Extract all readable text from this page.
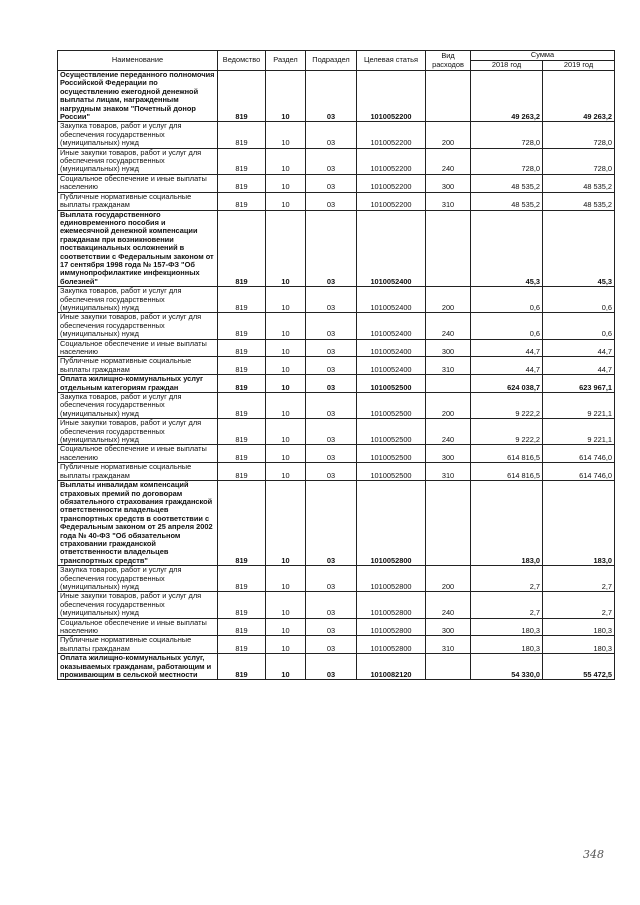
Наименование	Ведомство	Раздел	Подраздел	Целевая статья	Вид расходов	Сумма	
						2018 год	2019 год
Осуществление переданного полномочия Российской Федерации по осуществлению ежегодной денежной выплаты лицам, награжденным нагрудным знаком "Почетный донор России"	819	10	03	1010052200		49 263,2	49 263,2
Закупка товаров, работ и услуг для обеспечения государственных (муниципальных) нужд	819	10	03	1010052200	200	728,0	728,0
Иные закупки товаров, работ и услуг для обеспечения государственных (муниципальных) нужд	819	10	03	1010052200	240	728,0	728,0
Социальное обеспечение и иные выплаты населению	819	10	03	1010052200	300	48 535,2	48 535,2
Публичные нормативные социальные выплаты гражданам	819	10	03	1010052200	310	48 535,2	48 535,2
Выплата государственного единовременного пособия и ежемесячной денежной компенсации гражданам при возникновении поствакцинальных осложнений в соответствии с Федеральным законом от 17 сентября 1998 года № 157-ФЗ "Об иммунопрофилактике инфекционных болезней"	819	10	03	1010052400		45,3	45,3
Закупка товаров, работ и услуг для обеспечения государственных (муниципальных) нужд	819	10	03	1010052400	200	0,6	0,6
Иные закупки товаров, работ и услуг для обеспечения государственных (муниципальных) нужд	819	10	03	1010052400	240	0,6	0,6
Социальное обеспечение и иные выплаты населению	819	10	03	1010052400	300	44,7	44,7
Публичные нормативные социальные выплаты гражданам	819	10	03	1010052400	310	44,7	44,7
Оплата жилищно-коммунальных услуг отдельным категориям граждан	819	10	03	1010052500		624 038,7	623 967,1
Закупка товаров, работ и услуг для обеспечения государственных (муниципальных) нужд	819	10	03	1010052500	200	9 222,2	9 221,1
Иные закупки товаров, работ и услуг для обеспечения государственных (муниципальных) нужд	819	10	03	1010052500	240	9 222,2	9 221,1
Социальное обеспечение и иные выплаты населению	819	10	03	1010052500	300	614 816,5	614 746,0
Публичные нормативные социальные выплаты гражданам	819	10	03	1010052500	310	614 816,5	614 746,0
Выплаты инвалидам компенсаций страховых премий по договорам обязательного страхования гражданской ответственности владельцев транспортных средств в соответствии с Федеральным законом от 25 апреля 2002 года № 40-ФЗ "Об обязательном страховании гражданской ответственности владельцев транспортных средств"	819	10	03	1010052800		183,0	183,0
Закупка товаров, работ и услуг для обеспечения государственных (муниципальных) нужд	819	10	03	1010052800	200	2,7	2,7
Иные закупки товаров, работ и услуг для обеспечения государственных (муниципальных) нужд	819	10	03	1010052800	240	2,7	2,7
Социальное обеспечение и иные выплаты населению	819	10	03	1010052800	300	180,3	180,3
Публичные нормативные социальные выплаты гражданам	819	10	03	1010052800	310	180,3	180,3
Оплата жилищно-коммунальных услуг, оказываемых гражданам, работающим и проживающим в сельской местности	819	10	03	1010082120		54 330,0	55 472,5
348
